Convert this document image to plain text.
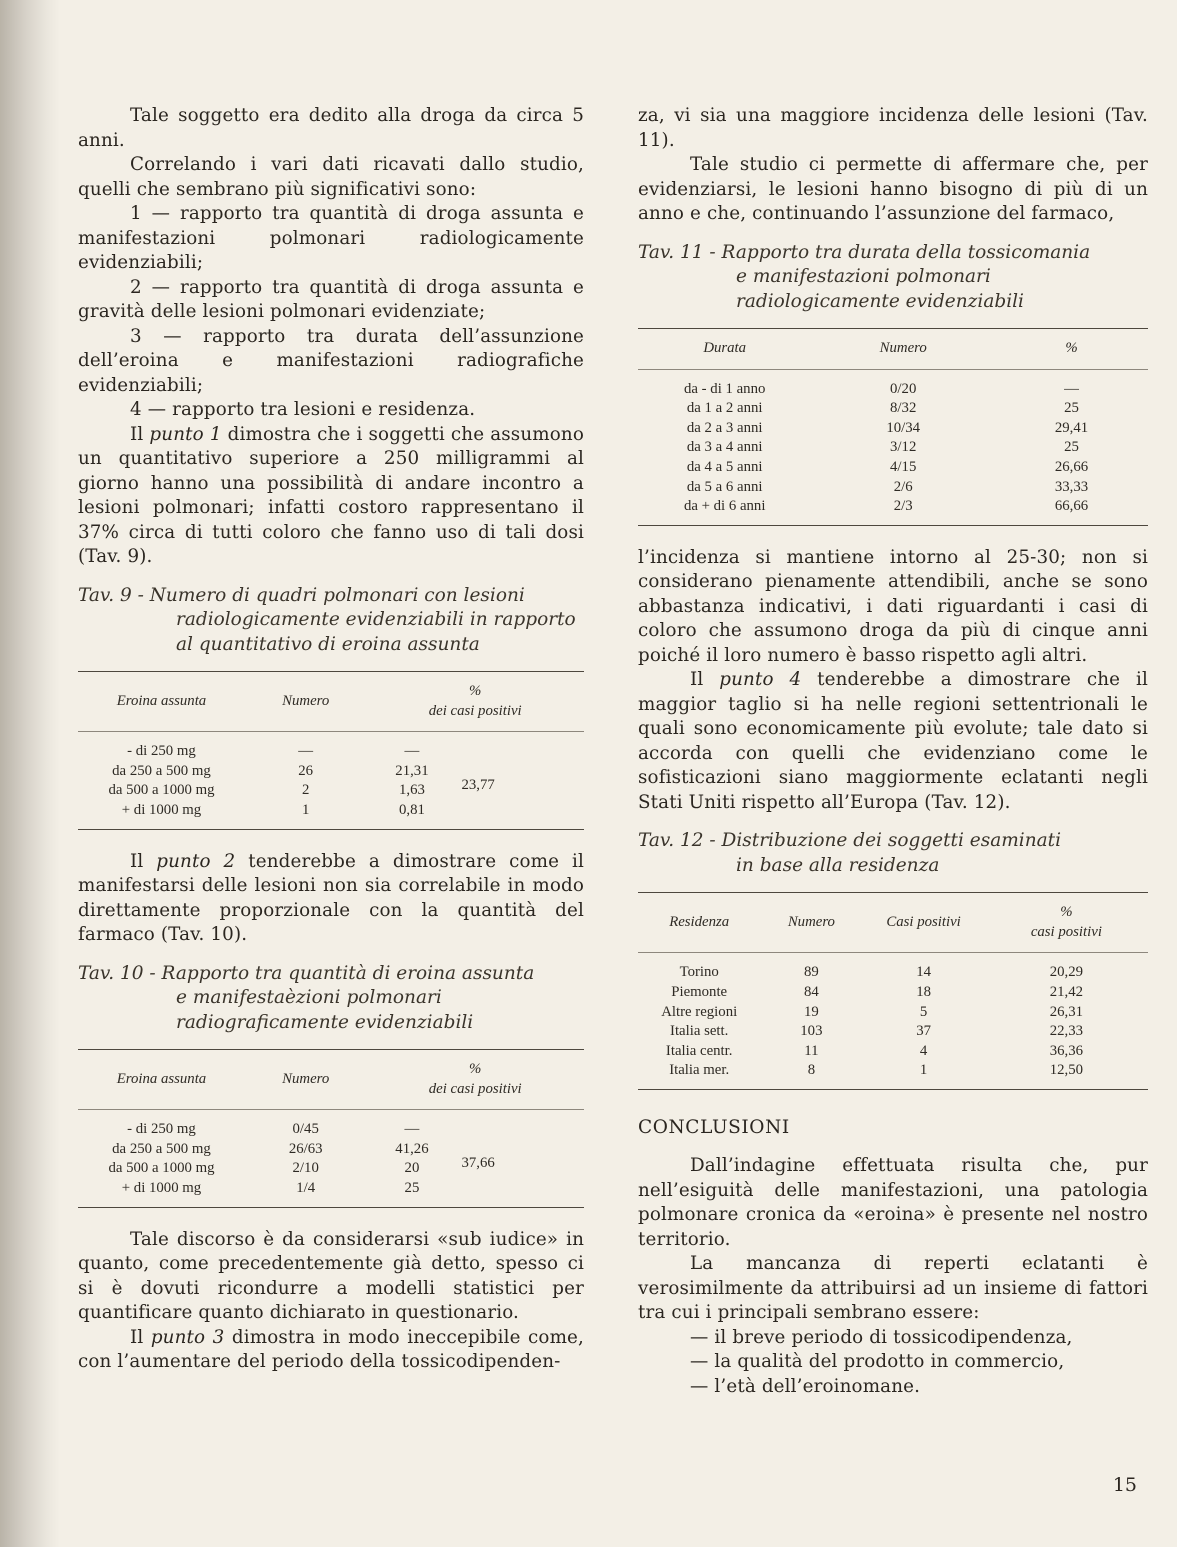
Tale soggetto era dedito alla droga da circa 5 anni.

Correlando i vari dati ricavati dallo studio, quelli che sembrano più significativi sono:

1 — rapporto tra quantità di droga assunta e manifestazioni polmonari radiologicamente evidenziabili;

2 — rapporto tra quantità di droga assunta e gravità delle lesioni polmonari evidenziate;

3 — rapporto tra durata dell’assunzione dell’eroina e manifestazioni radiografiche evidenziabili;

4 — rapporto tra lesioni e residenza.

Il punto 1 dimostra che i soggetti che assumono un quantitativo superiore a 250 milligrammi al giorno hanno una possibilità di andare incontro a lesioni polmonari; infatti costoro rappresentano il 37% circa di tutti coloro che fanno uso di tali dosi (Tav. 9).

Tav. 9 - Numero di quadri polmonari con lesioni
radiologicamente evidenziabili in rapporto
al quantitativo di eroina assunta
Eroina assunta	Numero	%
dei casi positivi	
- di 250 mg	—	—	23,77
da 250 a 500 mg	26	21,31	
da 500 a 1000 mg	2	1,63	
+ di 1000 mg	1	0,81	

Il punto 2 tenderebbe a dimostrare come il manifestarsi delle lesioni non sia correlabile in modo direttamente proporzionale con la quantità del farmaco (Tav. 10).

Tav. 10 - Rapporto tra quantità di eroina assunta
e manifestaèzioni polmonari
radiograficamente evidenziabili
Eroina assunta	Numero	%
dei casi positivi	
- di 250 mg	0/45	—	37,66
da 250 a 500 mg	26/63	41,26	
da 500 a 1000 mg	2/10	20	
+ di 1000 mg	1/4	25	

Tale discorso è da considerarsi «sub iudice» in quanto, come precedentemente già detto, spesso ci si è dovuti ricondurre a modelli statistici per quantificare quanto dichiarato in questionario.

Il punto 3 dimostra in modo ineccepibile come, con l’aumentare del periodo della tossicodipenden-

za, vi sia una maggiore incidenza delle lesioni (Tav. 11).

Tale studio ci permette di affermare che, per evidenziarsi, le lesioni hanno bisogno di più di un anno e che, continuando l’assunzione del farmaco,

Tav. 11 - Rapporto tra durata della tossicomania
e manifestazioni polmonari
radiologicamente evidenziabili
Durata	Numero	%
da - di 1 anno	0/20	—
da 1 a 2 anni	8/32	25
da 2 a 3 anni	10/34	29,41
da 3 a 4 anni	3/12	25
da 4 a 5 anni	4/15	26,66
da 5 a 6 anni	2/6	33,33
da + di 6 anni	2/3	66,66

l’incidenza si mantiene intorno al 25-30; non si considerano pienamente attendibili, anche se sono abbastanza indicativi, i dati riguardanti i casi di coloro che assumono droga da più di cinque anni poiché il loro numero è basso rispetto agli altri.

Il punto 4 tenderebbe a dimostrare che il maggior taglio si ha nelle regioni settentrionali le quali sono economicamente più evolute; tale dato si accorda con quelli che evidenziano come le sofisticazioni siano maggiormente eclatanti negli Stati Uniti rispetto all’Europa (Tav. 12).

Tav. 12 - Distribuzione dei soggetti esaminati
in base alla residenza
Residenza	Numero	Casi positivi	%
casi positivi
Torino	89	14	20,29
Piemonte	84	18	21,42
Altre regioni	19	5	26,31
Italia sett.	103	37	22,33
Italia centr.	11	4	36,36
Italia mer.	8	1	12,50
CONCLUSIONI

Dall’indagine effettuata risulta che, pur nell’esiguità delle manifestazioni, una patologia polmonare cronica da «eroina» è presente nel nostro territorio.

La mancanza di reperti eclatanti è verosimilmente da attribuirsi ad un insieme di fattori tra cui i principali sembrano essere:

— il breve periodo di tossicodipendenza,

— la qualità del prodotto in commercio,

— l’età dell’eroinomane.

15
